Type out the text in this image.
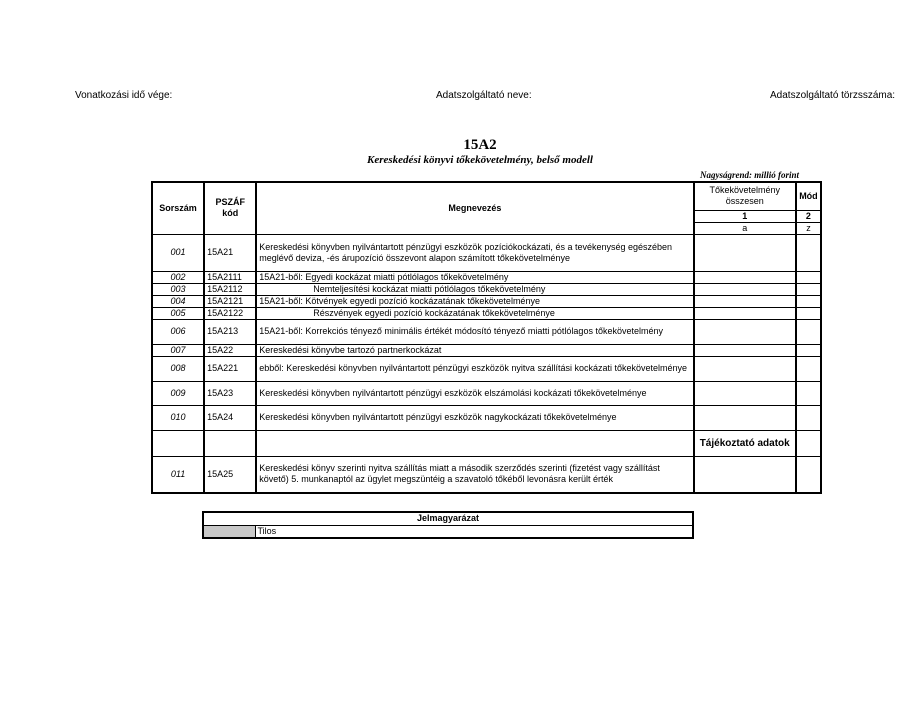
Vonatkozási idő vége:	Adatszolgáltató neve:	Adatszolgáltató törzsszáma:
15A2
Kereskedési könyvi tőkekövetelmény, belső modell
Nagyságrend: millió forint
Sorszám	PSZÁF kód	Megnevezés	Tőkekövetelmény összesen	Mód
			1	2
			a	z
001	15A21	Kereskedési könyvben nyilvántartott pénzügyi eszközök pozíciókockázati, és a tevékenység egészében meglévő deviza, -és árupozíció összevont alapon számított tőkekövetelménye		
002	15A2111	15A21-ből: Egyedi kockázat miatti pótlólagos tőkekövetelmény		
003	15A2112	Nemteljesítési kockázat miatti pótlólagos tőkekövetelmény		
004	15A2121	15A21-ből: Kötvények egyedi pozíció kockázatának tőkekövetelménye		
005	15A2122	Részvények egyedi pozíció kockázatának tőkekövetelménye		
006	15A213	15A21-ből: Korrekciós tényező minimális értékét módosító tényező miatti pótlólagos tőkekövetelmény		
007	15A22	Kereskedési könyvbe tartozó partnerkockázat		
008	15A221	ebből: Kereskedési könyvben nyilvántartott pénzügyi eszközök nyitva szállítási kockázati tőkekövetelménye		
009	15A23	Kereskedési könyvben nyilvántartott pénzügyi eszközök elszámolási kockázati tőkekövetelménye		
010	15A24	Kereskedési könyvben nyilvántartott pénzügyi eszközök nagykockázati tőkekövetelménye		
			Tájékoztató adatok	
011	15A25	Kereskedési könyv szerinti nyitva szállítás miatt a második szerződés szerinti (fizetést vagy szállítást követő) 5. munkanaptól az ügylet megszüntéig a szavatoló tőkéből levonásra került érték		
Jelmagyarázat
	Tilos
